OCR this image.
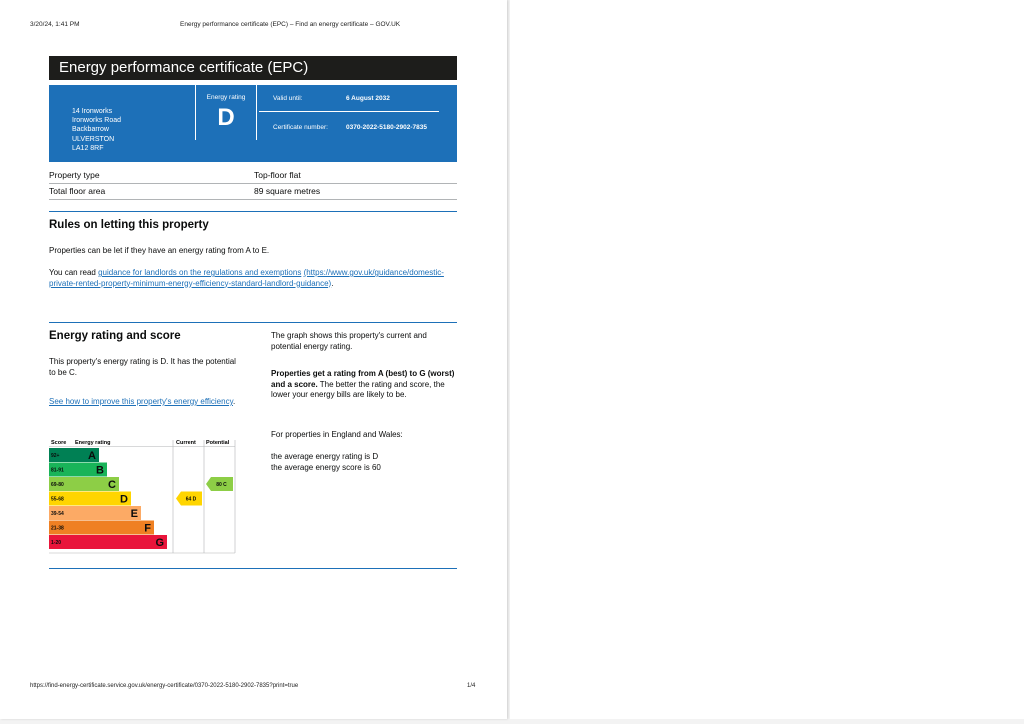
3/20/24, 1:41 PM	Energy performance certificate (EPC) – Find an energy certificate – GOV.UK
Energy performance certificate (EPC)
14 Ironworks
Ironworks Road
Backbarrow
ULVERSTON
LA12 8RF
Energy rating
D
Valid until:	6 August 2032
Certificate number:	0370-2022-5180-2902-7835
Property type	Top-floor flat
Total floor area	89 square metres
Rules on letting this property
Properties can be let if they have an energy rating from A to E.
You can read guidance for landlords on the regulations and exemptions (https://www.gov.uk/guidance/domestic-private-rented-property-minimum-energy-efficiency-standard-landlord-guidance).
Energy rating and score
This property's energy rating is D. It has the potential to be C.
See how to improve this property's energy efficiency.
The graph shows this property's current and potential energy rating.
Properties get a rating from A (best) to G (worst) and a score. The better the rating and score, the lower your energy bills are likely to be.
For properties in England and Wales:
the average energy rating is D
the average energy score is 60
Score Energy rating	Current Potential
92+	A
81-91	B
69-80	C
55-68	D
39-54	E
21-38	F
1-20	G
64 D
80 C
https://find-energy-certificate.service.gov.uk/energy-certificate/0370-2022-5180-2902-7835?print=true	1/4
